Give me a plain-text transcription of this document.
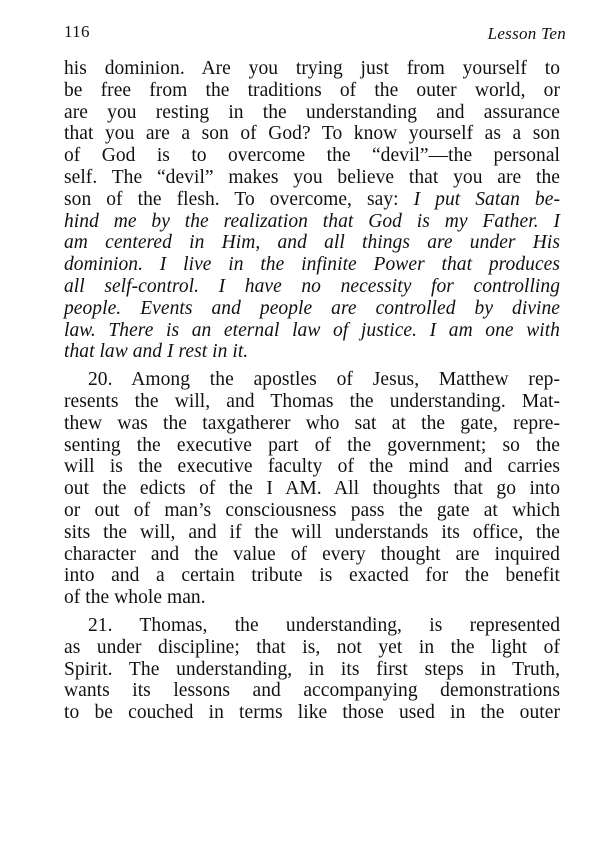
116	Lesson Ten
his dominion. Are you trying just from yourself to
be free from the traditions of the outer world, or
are you resting in the understanding and assurance
that you are a son of God? To know yourself as a son
of God is to overcome the “devil”—the personal
self. The “devil” makes you believe that you are the
son of the flesh. To overcome, say: I put Satan be-
hind me by the realization that God is my Father. I
am centered in Him, and all things are under His
dominion. I live in the infinite Power that produces
all self-control. I have no necessity for controlling
people. Events and people are controlled by divine
law. There is an eternal law of justice. I am one with
that law and I rest in it.
20. Among the apostles of Jesus, Matthew rep-
resents the will, and Thomas the understanding. Mat-
thew was the taxgatherer who sat at the gate, repre-
senting the executive part of the government; so the
will is the executive faculty of the mind and carries
out the edicts of the I AM. All thoughts that go into
or out of man’s consciousness pass the gate at which
sits the will, and if the will understands its office, the
character and the value of every thought are inquired
into and a certain tribute is exacted for the benefit
of the whole man.
21. Thomas, the understanding, is represented
as under discipline; that is, not yet in the light of
Spirit. The understanding, in its first steps in Truth,
wants its lessons and accompanying demonstrations
to be couched in terms like those used in the outer
